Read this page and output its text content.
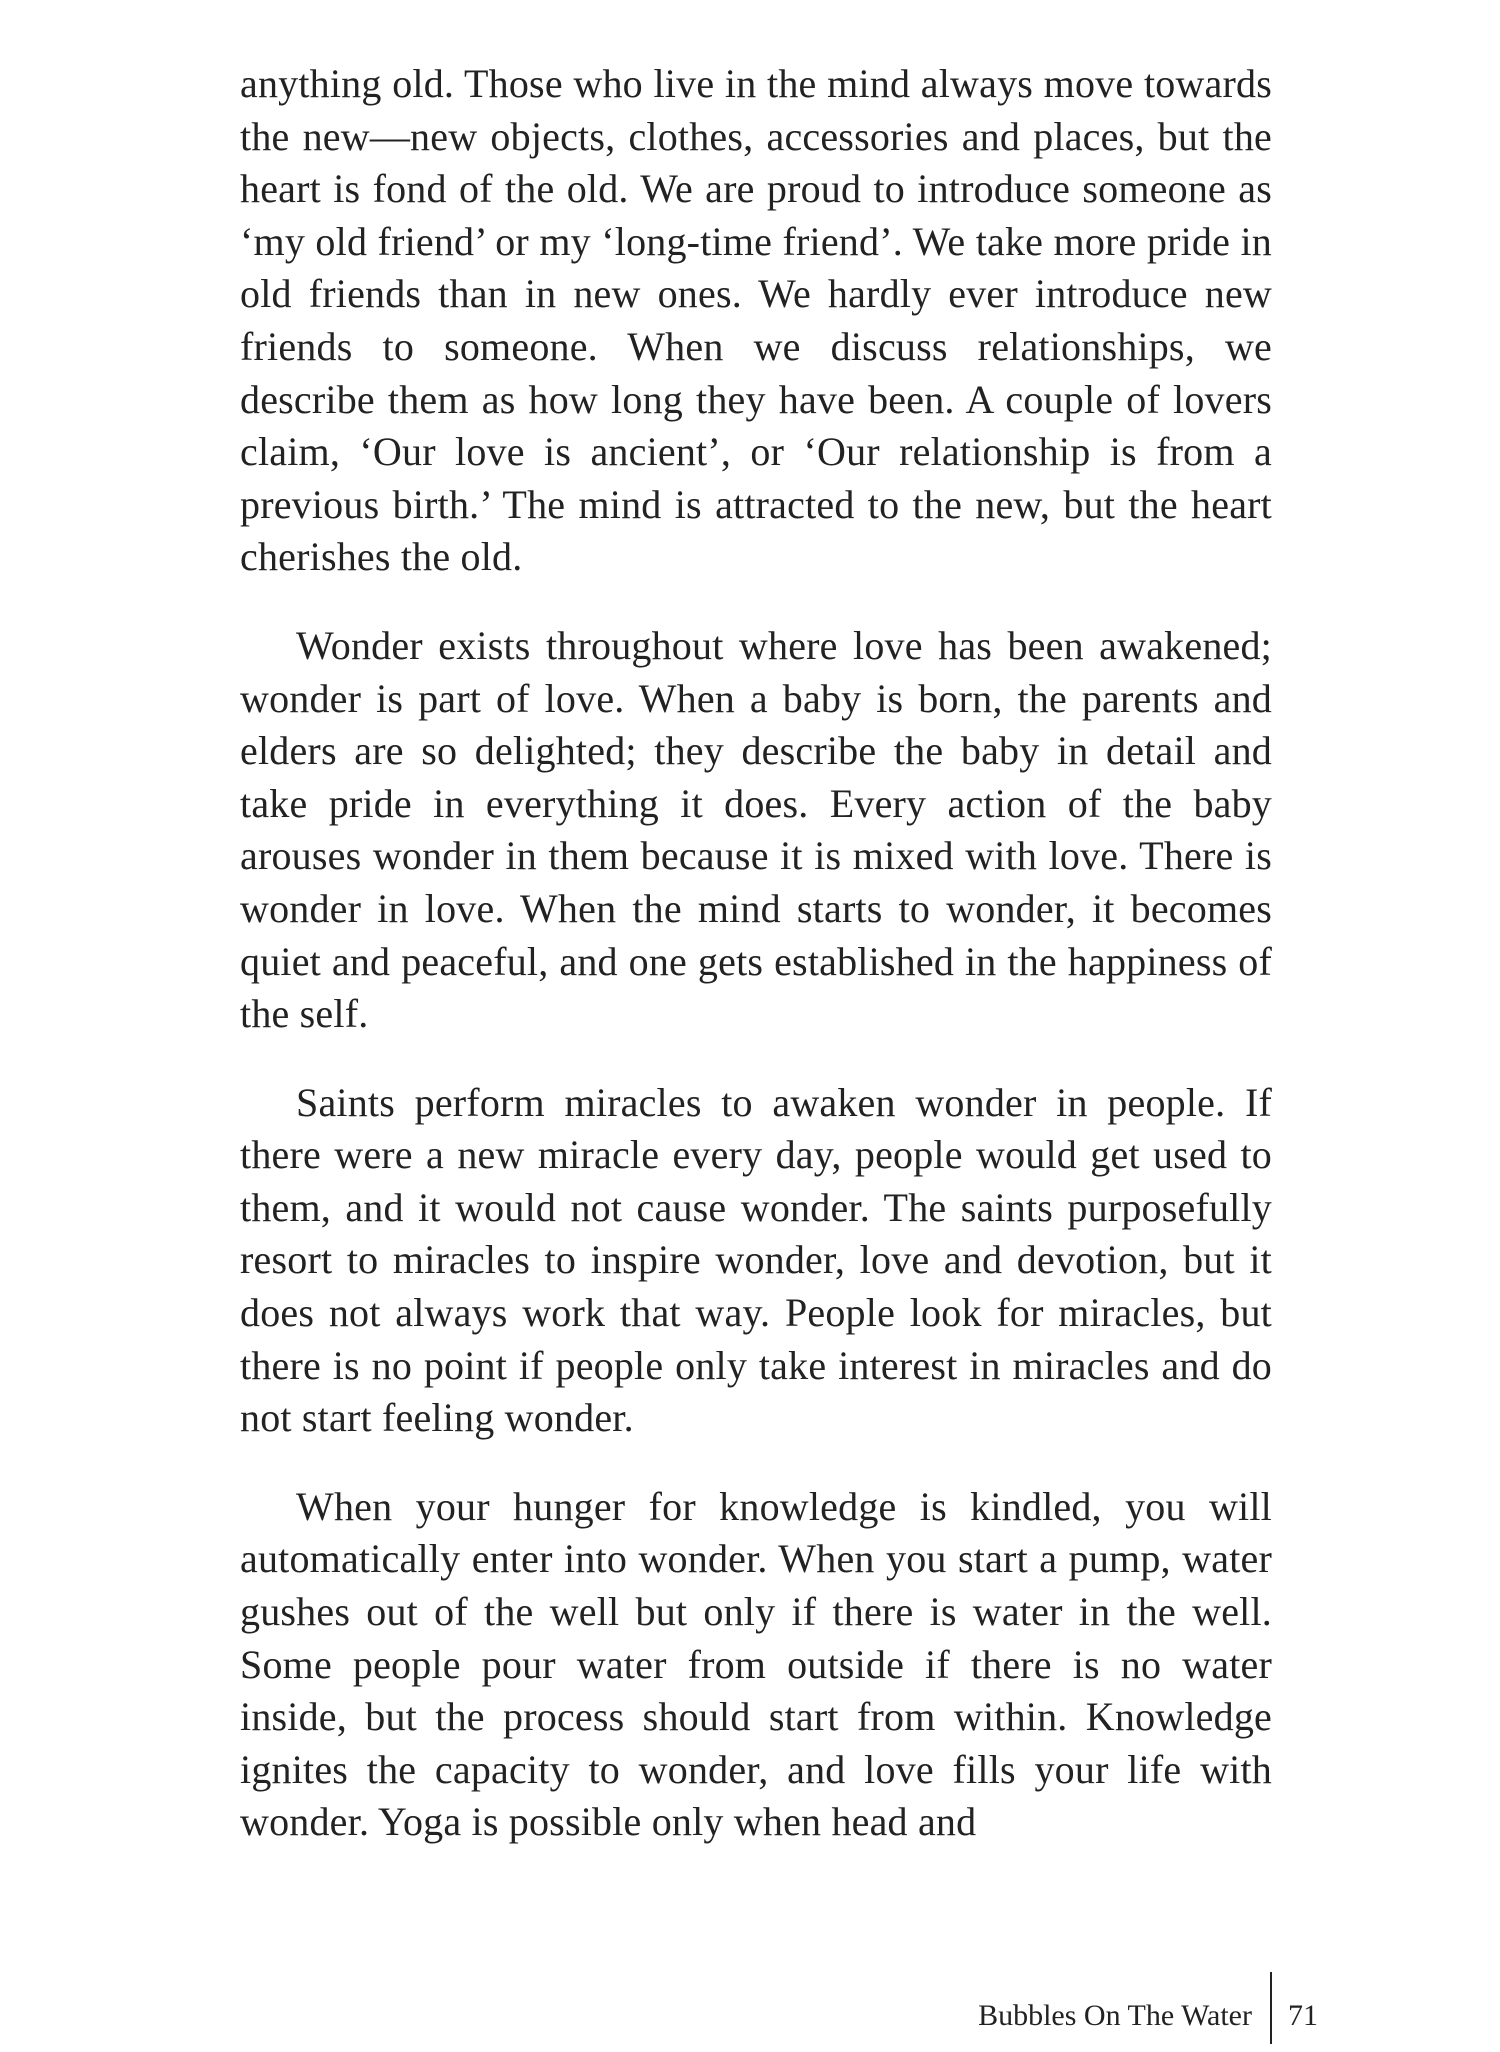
anything old. Those who live in the mind always move towards the new—new objects, clothes, accessories and places, but the heart is fond of the old. We are proud to introduce someone as ‘my old friend’ or my ‘long-time friend’. We take more pride in old friends than in new ones. We hardly ever introduce new friends to someone. When we discuss relationships, we describe them as how long they have been. A couple of lovers claim, ‘Our love is ancient’, or ‘Our relationship is from a previous birth.’ The mind is attracted to the new, but the heart cherishes the old.

Wonder exists throughout where love has been awakened; wonder is part of love. When a baby is born, the parents and elders are so delighted; they describe the baby in detail and take pride in everything it does. Every action of the baby arouses wonder in them because it is mixed with love. There is wonder in love. When the mind starts to wonder, it becomes quiet and peaceful, and one gets established in the happiness of the self.

Saints perform miracles to awaken wonder in people. If there were a new miracle every day, people would get used to them, and it would not cause wonder. The saints purposefully resort to miracles to inspire wonder, love and devotion, but it does not always work that way. People look for miracles, but there is no point if people only take interest in miracles and do not start feeling wonder.

When your hunger for knowledge is kindled, you will automatically enter into wonder. When you start a pump, water gushes out of the well but only if there is water in the well. Some people pour water from outside if there is no water inside, but the process should start from within. Knowledge ignites the capacity to wonder, and love fills your life with wonder. Yoga is possible only when head and

Bubbles On The Water 71
